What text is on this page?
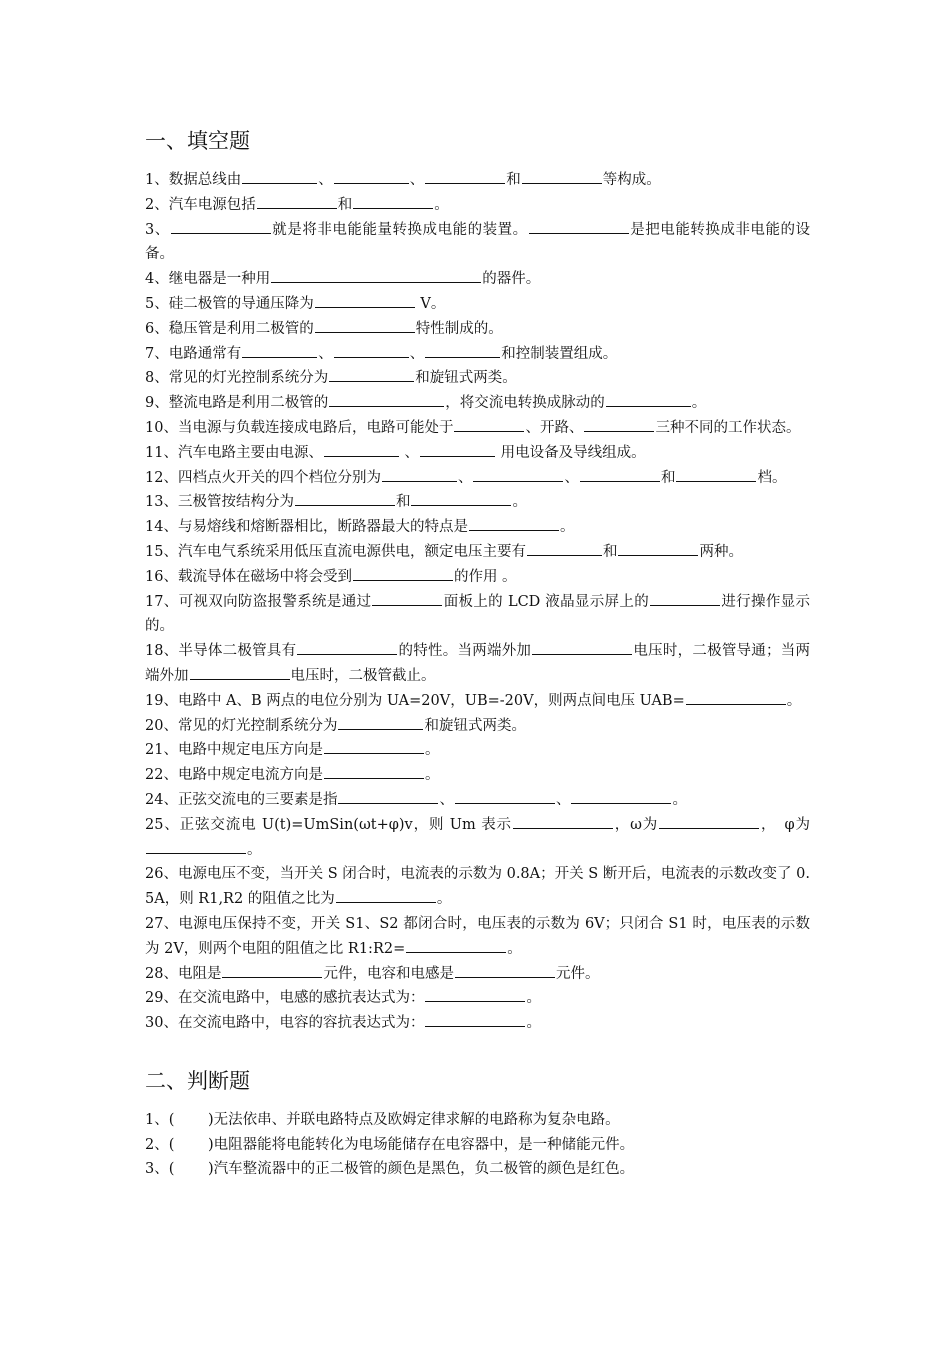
一、填空题

1、数据总线由	、	、	和	等构成。

2、汽车电源包括	和	。

3、	就是将非电能能量转换成电能的装置。	是把电能转换成非电能的设备。

4、继电器是一种用	的器件。

5、硅二极管的导通压降为	V。

6、稳压管是利用二极管的	特性制成的。

7、电路通常有	、	、	和控制装置组成。

8、常见的灯光控制系统分为	和旋钮式两类。

9、整流电路是利用二极管的	，将交流电转换成脉动的	。

10、当电源与负载连接成电路后，电路可能处于	、开路、	三种不同的工作状态。

11、汽车电路主要由电源、	、	用电设备及导线组成。

12、四档点火开关的四个档位分别为	、	、	和	档。

13、三极管按结构分为	和	。

14、与易熔线和熔断器相比，断路器最大的特点是	。

15、汽车电气系统采用低压直流电源供电，额定电压主要有	和	两种。

16、载流导体在磁场中将会受到	的作用 。

17、可视双向防盗报警系统是通过	面板上的 LCD 液晶显示屏上的	进行操作显示的。

18、半导体二极管具有	的特性。当两端外加	电压时，二极管导通；当两端外加	电压时，二极管截止。

19、电路中 A、B 两点的电位分别为 UA=20V，UB=-20V，则两点间电压 UAB=	。

20、常见的灯光控制系统分为	和旋钮式两类。

21、电路中规定电压方向是	。

22、电路中规定电流方向是	。

24、正弦交流电的三要素是指	、	、	。

25、正弦交流电 U(t)=UmSin(ωt+φ)v，则 Um 表示	，ω为	，　φ为。

26、电源电压不变，当开关 S 闭合时，电流表的示数为 0.8A；开关 S 断开后，电流表的示数改变了 0.5A，则 R1,R2 的阻值之比为	。

27、电源电压保持不变，开关 S1、S2 都闭合时，电压表的示数为 6V；只闭合 S1 时，电压表的示数为 2V，则两个电阻的阻值之比 R1:R2=	。

28、电阻是	元件，电容和电感是	元件。

29、在交流电路中，电感的感抗表达式为：	。

30、在交流电路中，电容的容抗表达式为：	。

二、判断题

1、(　　 )无法依串、并联电路特点及欧姆定律求解的电路称为复杂电路。

2、(　　 )电阻器能将电能转化为电场能储存在电容器中，是一种储能元件。

3、(　　 )汽车整流器中的正二极管的颜色是黑色，负二极管的颜色是红色。
